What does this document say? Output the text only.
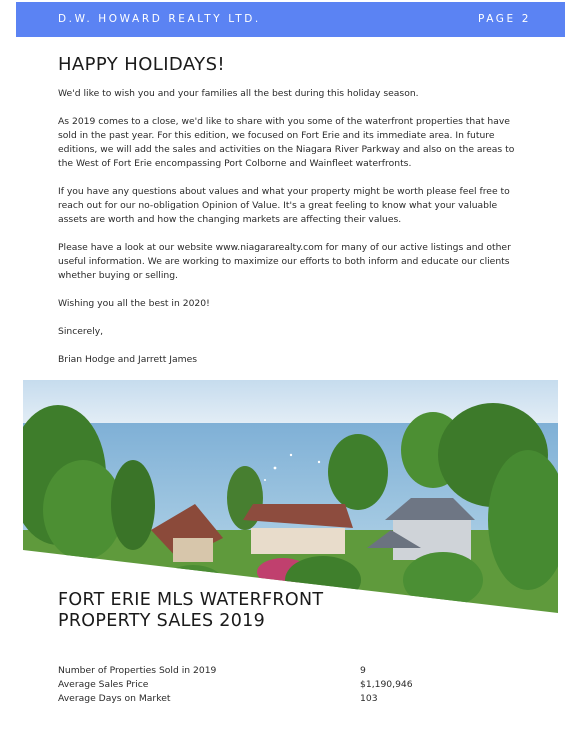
D.W. HOWARD REALTY LTD.	PAGE 2
HAPPY HOLIDAYS!

We'd like to wish you and your families all the best during this holiday season.

As 2019 comes to a close, we'd like to share with you some of the waterfront properties that have sold in the past year. For this edition, we focused on Fort Erie and its immediate area. In future editions, we will add the sales and activities on the Niagara River Parkway and also on the areas to the West of Fort Erie encompassing Port Colborne and Wainfleet waterfronts.

If you have any questions about values and what your property might be worth please feel free to reach out for our no-obligation Opinion of Value. It's a great feeling to know what your valuable assets are worth and how the changing markets are affecting their values.

Please have a look at our website www.niagararealty.com for many of our active listings and other useful information. We are working to maximize our efforts to both inform and educate our clients whether buying or selling.

Wishing you all the best in 2020!

Sincerely,

Brian Hodge and Jarrett James

FORT ERIE MLS WATERFRONT PROPERTY SALES 2019
Number of Properties Sold in 2019	9
Average Sales Price	$1,190,946
Average Days on Market	103
